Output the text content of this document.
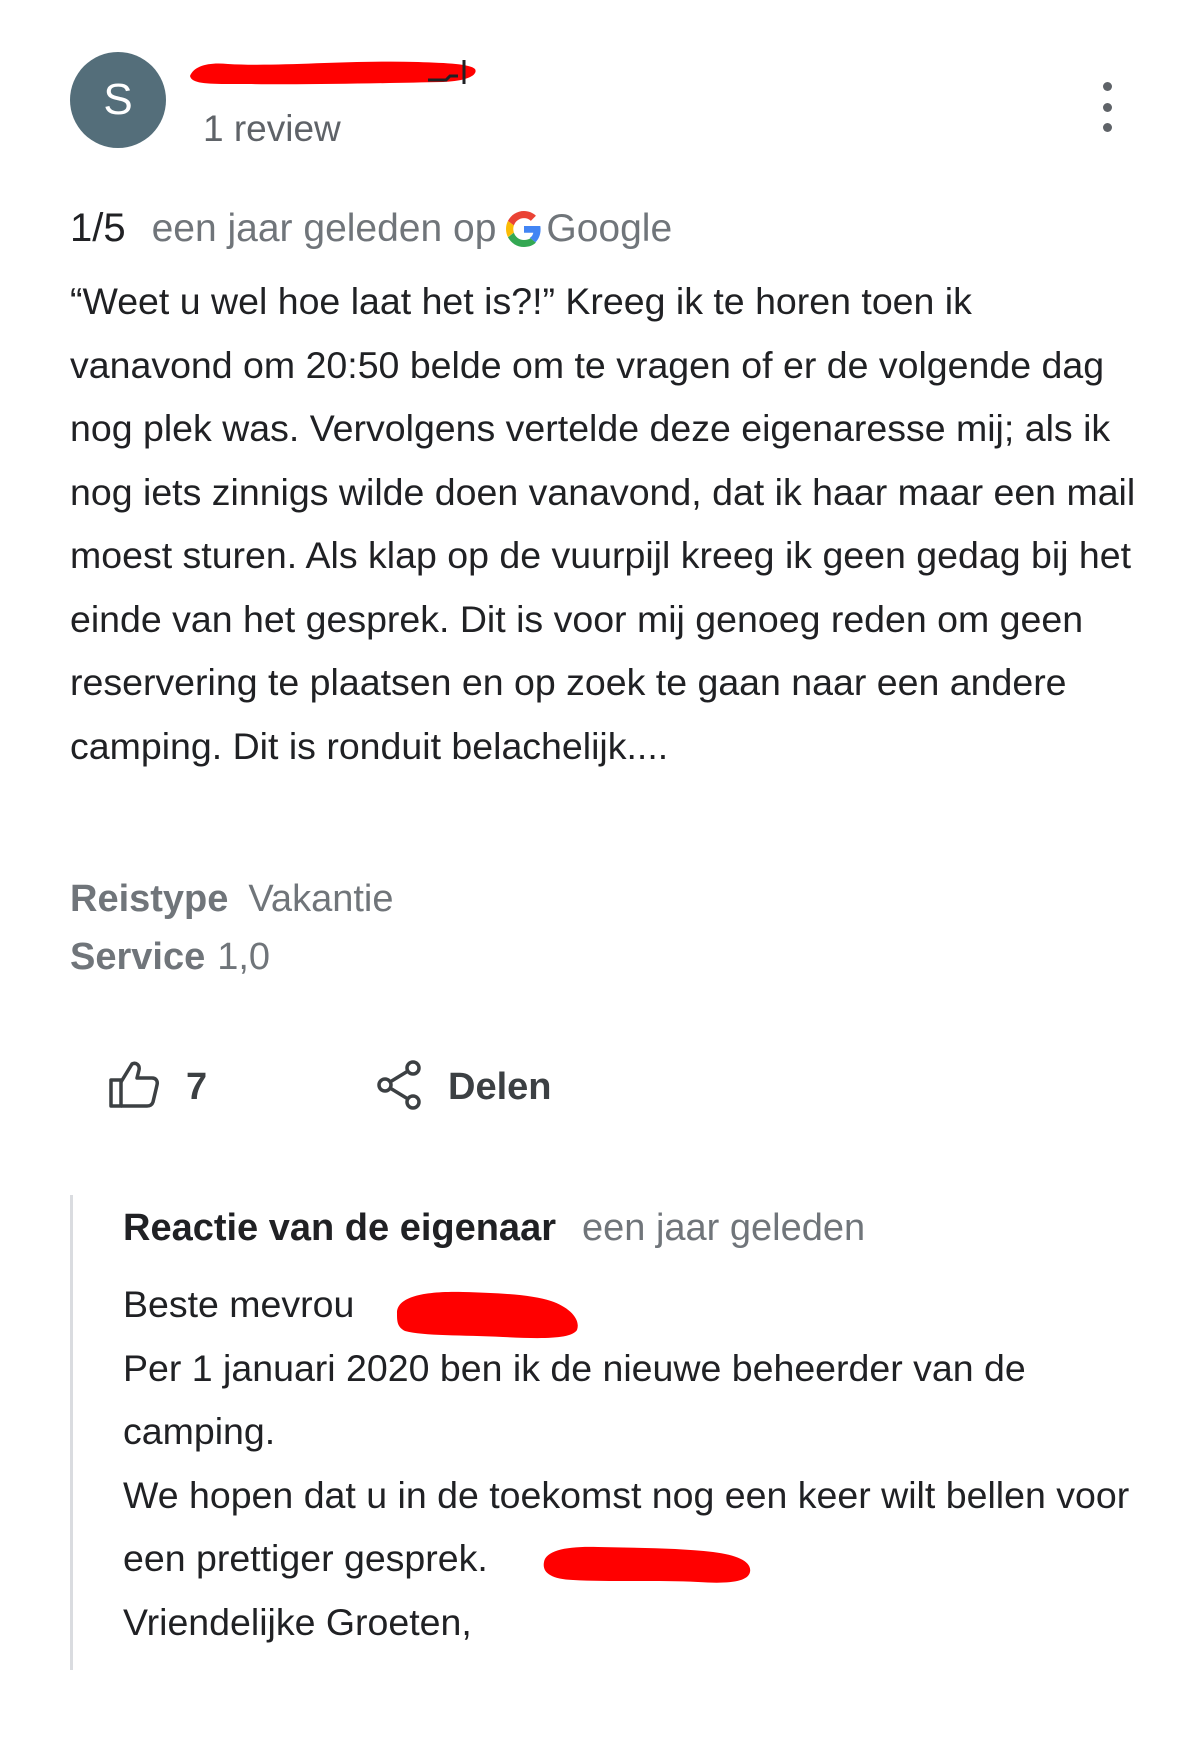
S
1 review
1/5 een jaar geleden op Google
“Weet u wel hoe laat het is?!” Kreeg ik te horen toen ik vanavond om 20:50 belde om te vragen of er de volgende dag nog plek was. Vervolgens vertelde deze eigenaresse mij; als ik nog iets zinnigs wilde doen vanavond, dat ik haar maar een mail moest sturen. Als klap op de vuurpijl kreeg ik geen gedag bij het einde van het gesprek. Dit is voor mij genoeg reden om geen reservering te plaatsen en op zoek te gaan naar een andere camping. Dit is ronduit belachelijk....
Reistype Vakantie
Service 1,0
7	Delen
Reactie van de eigenaar een jaar geleden
Beste mevrou
Per 1 januari 2020 ben ik de nieuwe beheerder van de camping.
We hopen dat u in de toekomst nog een keer wilt bellen voor een prettiger gesprek.
Vriendelijke Groeten,
